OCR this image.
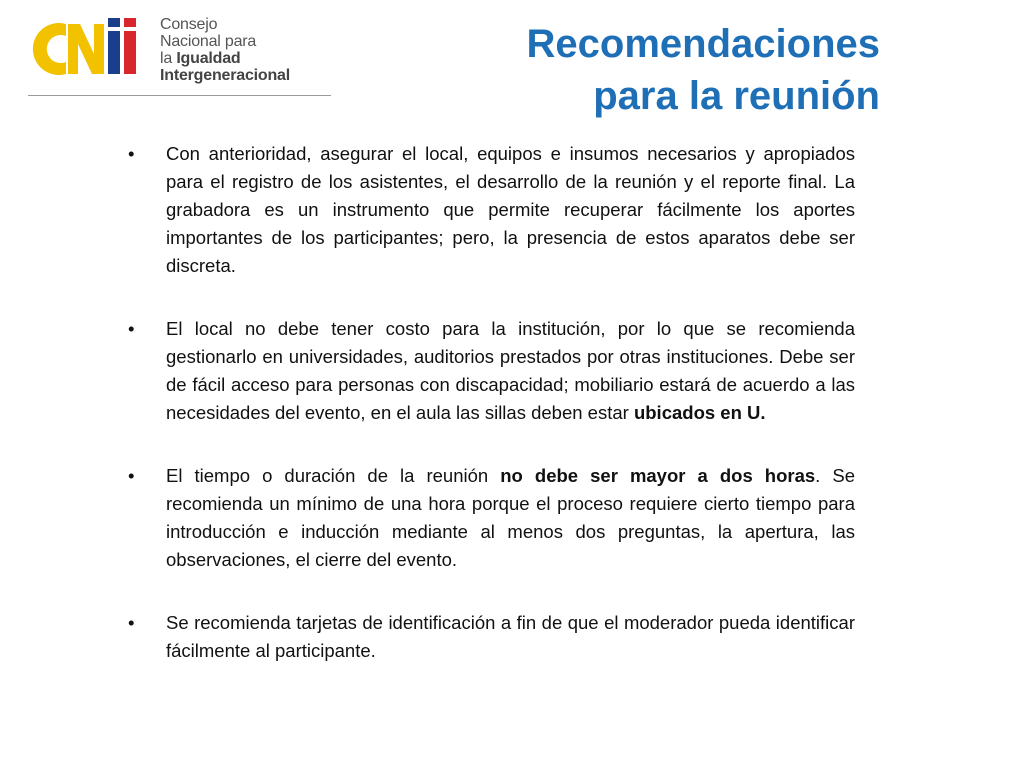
Consejo
Nacional para
la Igualdad
Intergeneracional
Recomendaciones
para la reunión
• Con anterioridad, asegurar el local, equipos e insumos necesarios y apropiados para el registro de los asistentes, el desarrollo de la reunión y el reporte final. La grabadora es un instrumento que permite recuperar fácilmente los aportes importantes de los participantes; pero, la presencia de estos aparatos debe ser discreta.
• El local no debe tener costo para la institución, por lo que se recomienda gestionarlo en universidades, auditorios prestados por otras instituciones. Debe ser de fácil acceso para personas con discapacidad; mobiliario estará de acuerdo a las necesidades del evento, en el aula las sillas deben estar ubicados en U.
• El tiempo o duración de la reunión no debe ser mayor a dos horas. Se recomienda un mínimo de una hora porque el proceso requiere cierto tiempo para introducción e inducción mediante al menos dos preguntas, la apertura, las observaciones, el cierre del evento.
• Se recomienda tarjetas de identificación a fin de que el moderador pueda identificar fácilmente al participante.
